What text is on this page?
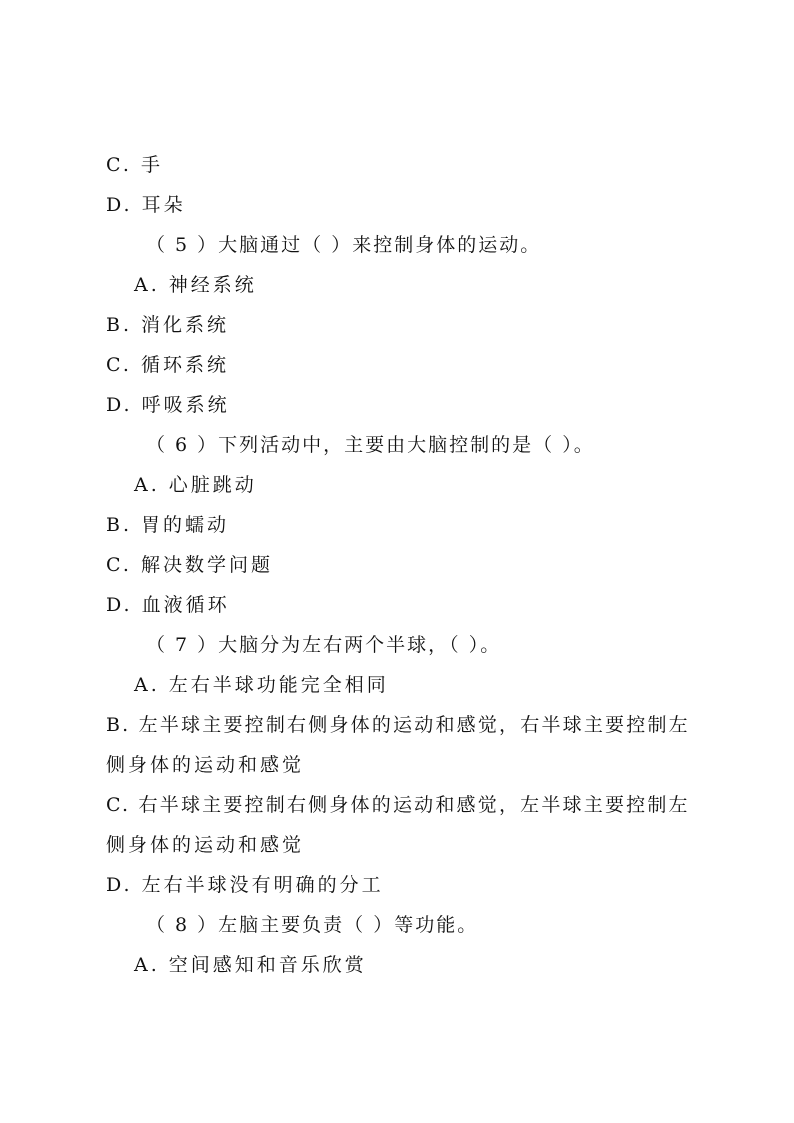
C. 手
D. 耳朵
（ 5 ）大脑通过（ ）来控制身体的运动。
A. 神经系统
B. 消化系统
C. 循环系统
D. 呼吸系统
（ 6 ）下列活动中，主要由大脑控制的是（ ）。
A. 心脏跳动
B. 胃的蠕动
C. 解决数学问题
D. 血液循环
（ 7 ）大脑分为左右两个半球，（ ）。
A. 左右半球功能完全相同
B. 左半球主要控制右侧身体的运动和感觉，右半球主要控制左
侧身体的运动和感觉
C. 右半球主要控制右侧身体的运动和感觉，左半球主要控制左
侧身体的运动和感觉
D. 左右半球没有明确的分工
（ 8 ）左脑主要负责（ ）等功能。
A. 空间感知和音乐欣赏
